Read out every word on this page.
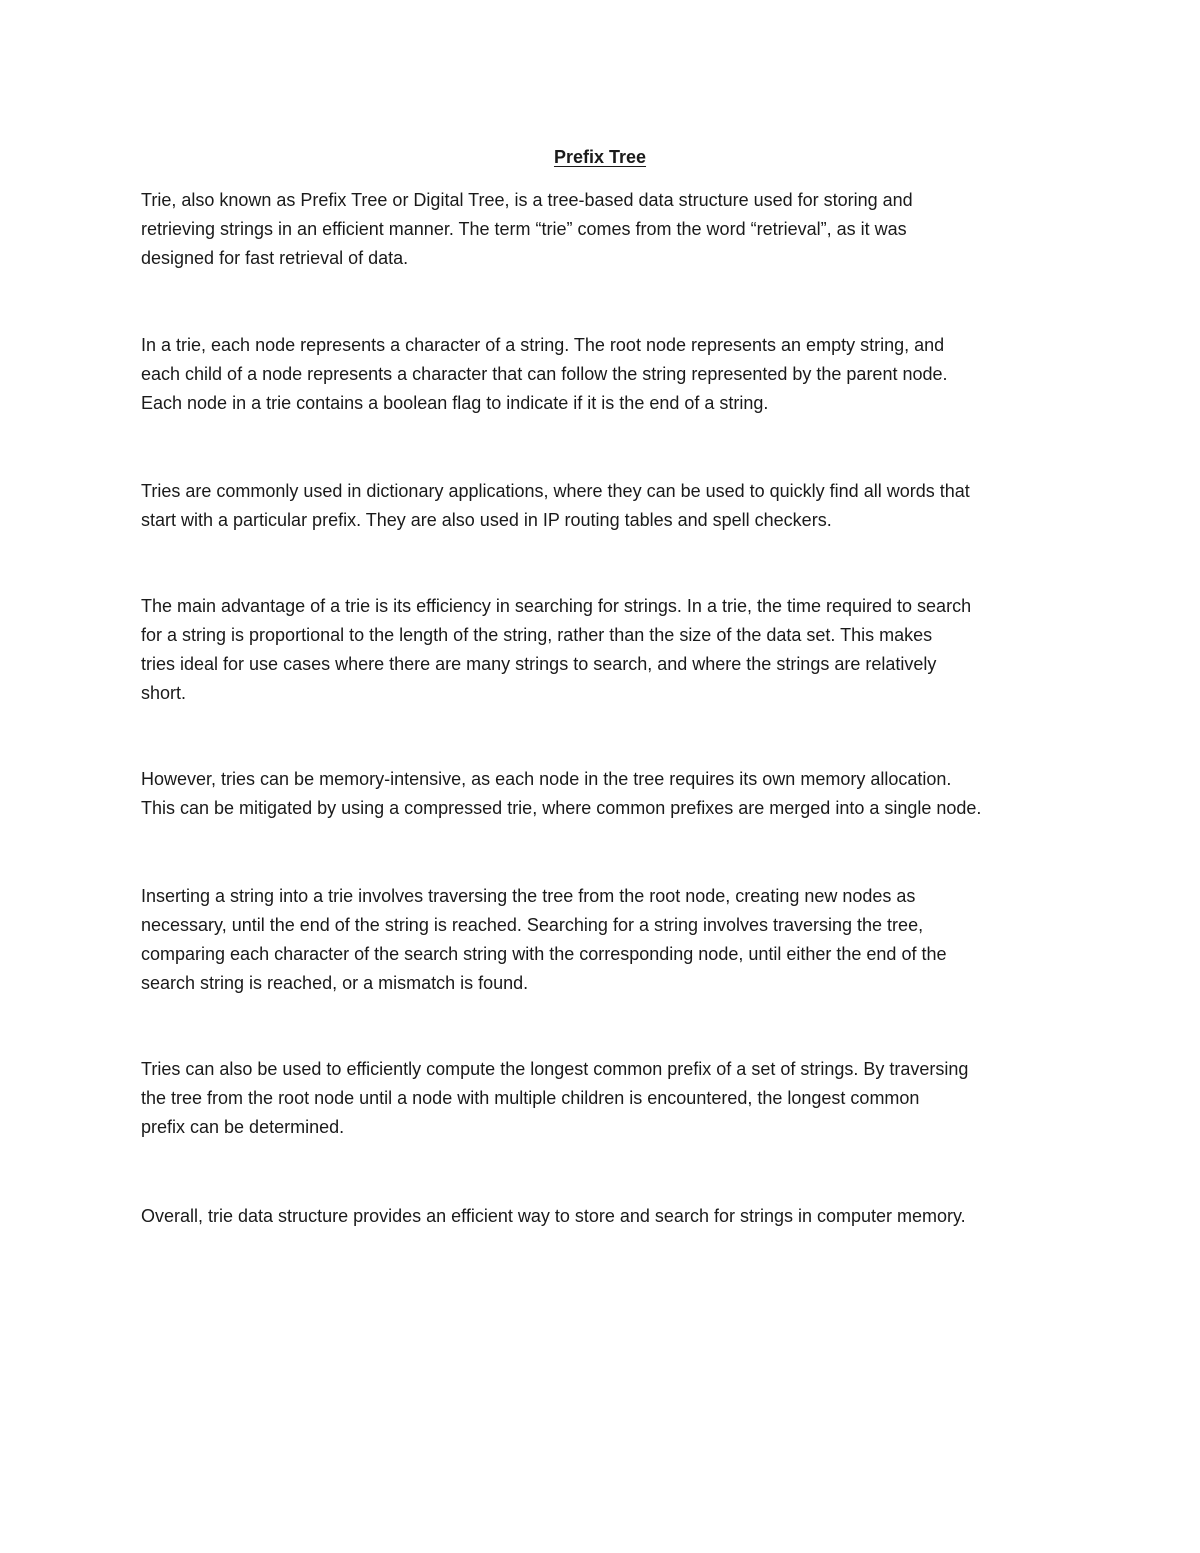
Prefix Tree

Trie, also known as Prefix Tree or Digital Tree, is a tree-based data structure used for storing and
retrieving strings in an efficient manner. The term “trie” comes from the word “retrieval”, as it was
designed for fast retrieval of data.

In a trie, each node represents a character of a string. The root node represents an empty string, and
each child of a node represents a character that can follow the string represented by the parent node.
Each node in a trie contains a boolean flag to indicate if it is the end of a string.

Tries are commonly used in dictionary applications, where they can be used to quickly find all words that
start with a particular prefix. They are also used in IP routing tables and spell checkers.

The main advantage of a trie is its efficiency in searching for strings. In a trie, the time required to search
for a string is proportional to the length of the string, rather than the size of the data set. This makes
tries ideal for use cases where there are many strings to search, and where the strings are relatively
short.

However, tries can be memory-intensive, as each node in the tree requires its own memory allocation.
This can be mitigated by using a compressed trie, where common prefixes are merged into a single node.

Inserting a string into a trie involves traversing the tree from the root node, creating new nodes as
necessary, until the end of the string is reached. Searching for a string involves traversing the tree,
comparing each character of the search string with the corresponding node, until either the end of the
search string is reached, or a mismatch is found.

Tries can also be used to efficiently compute the longest common prefix of a set of strings. By traversing
the tree from the root node until a node with multiple children is encountered, the longest common
prefix can be determined.

Overall, trie data structure provides an efficient way to store and search for strings in computer memory.
